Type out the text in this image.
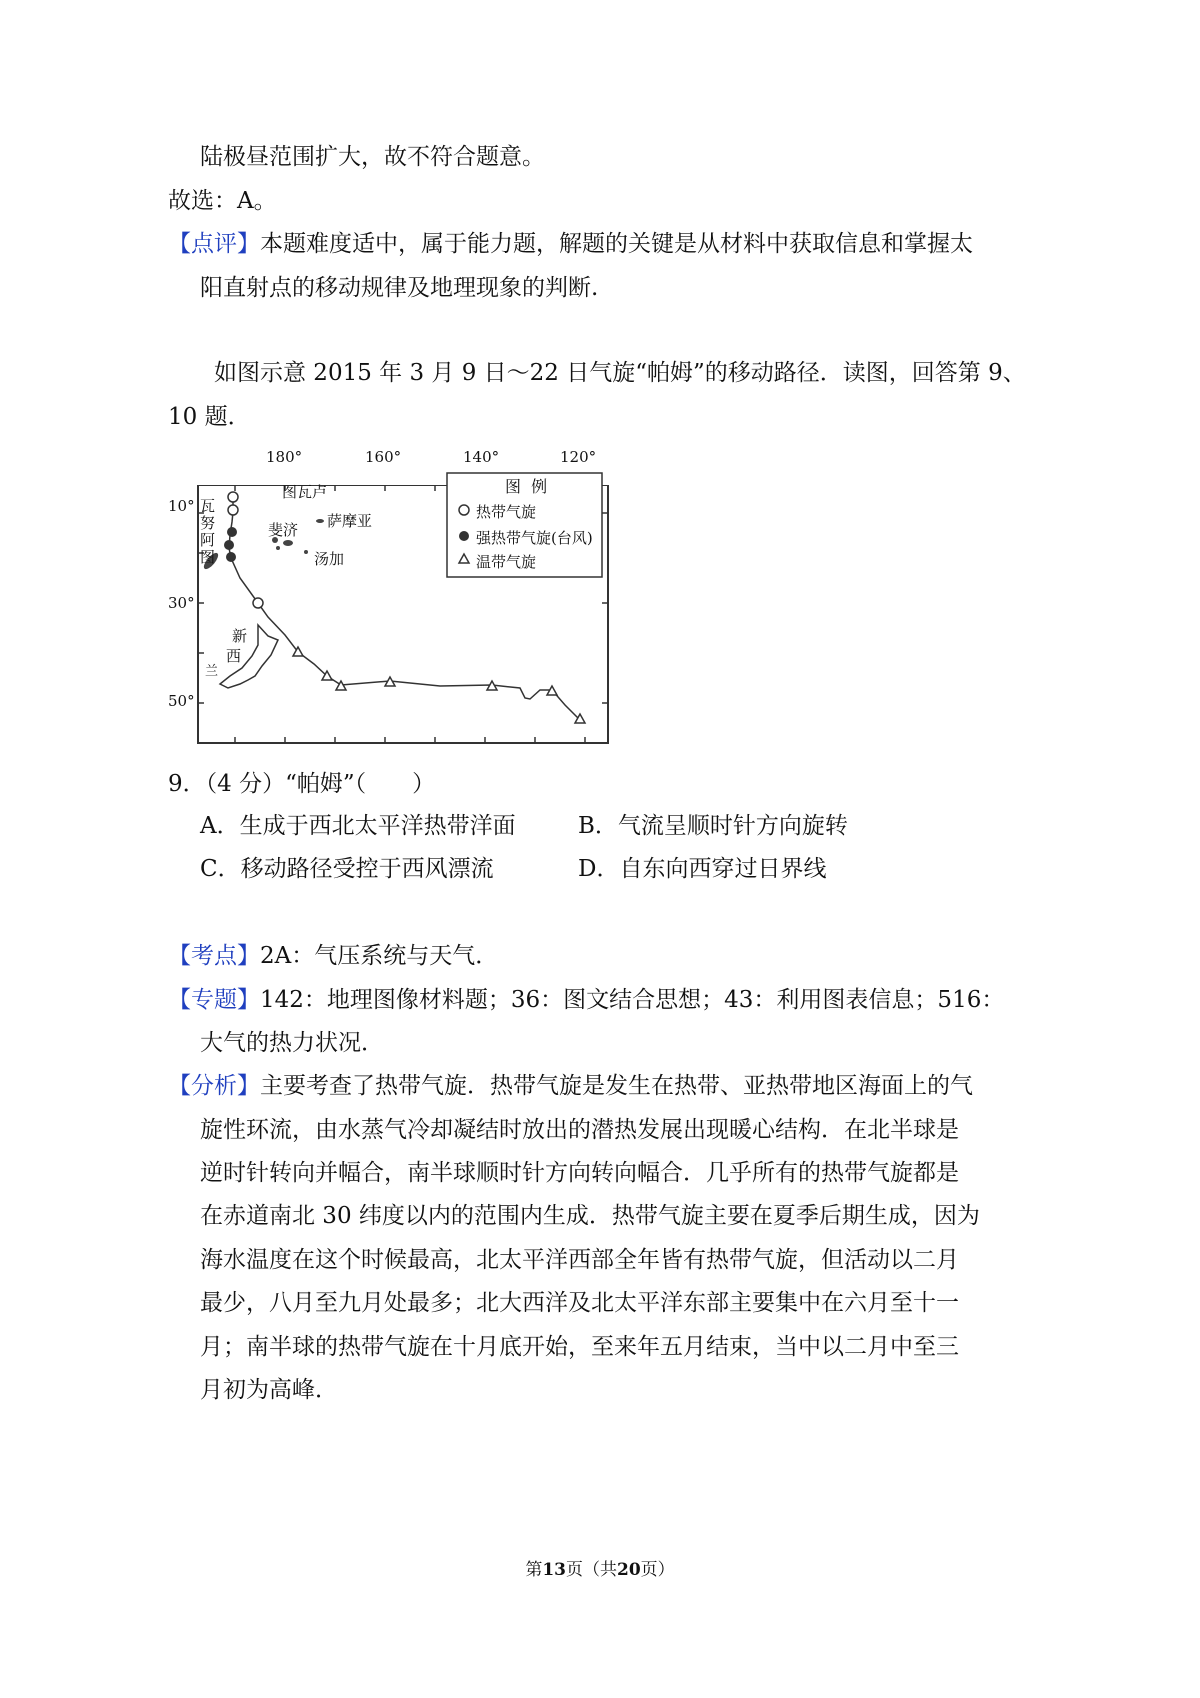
陆极昼范围扩大，故不符合题意。
故选：A。
【点评】本题难度适中，属于能力题，解题的关键是从材料中获取信息和掌握太
阳直射点的移动规律及地理现象的判断.
如图示意 2015 年 3 月 9 日～22 日气旋“帕姆”的移动路径．读图，回答第 9、
10 题．
180°	160°	140°	120°
10°
30°
50°
图瓦卢
瓦
努
阿
图
萨摩亚
斐济
汤加
新
西
兰
图  例
热带气旋
强热带气旋(台风)
温带气旋
9．（4 分）“帕姆”（　　）
A．生成于西北太平洋热带洋面	B．气流呈顺时针方向旋转
C．移动路径受控于西风漂流	D．自东向西穿过日界线
【考点】2A：气压系统与天气．
【专题】142：地理图像材料题；36：图文结合思想；43：利用图表信息；516：
大气的热力状况．
【分析】主要考查了热带气旋．热带气旋是发生在热带、亚热带地区海面上的气
旋性环流，由水蒸气冷却凝结时放出的潜热发展出现暖心结构．在北半球是
逆时针转向并幅合，南半球顺时针方向转向幅合．几乎所有的热带气旋都是
在赤道南北 30 纬度以内的范围内生成．热带气旋主要在夏季后期生成，因为
海水温度在这个时候最高，北太平洋西部全年皆有热带气旋，但活动以二月
最少，八月至九月处最多；北大西洋及北太平洋东部主要集中在六月至十一
月；南半球的热带气旋在十月底开始，至来年五月结束，当中以二月中至三
月初为高峰．
第13页（共20页）
